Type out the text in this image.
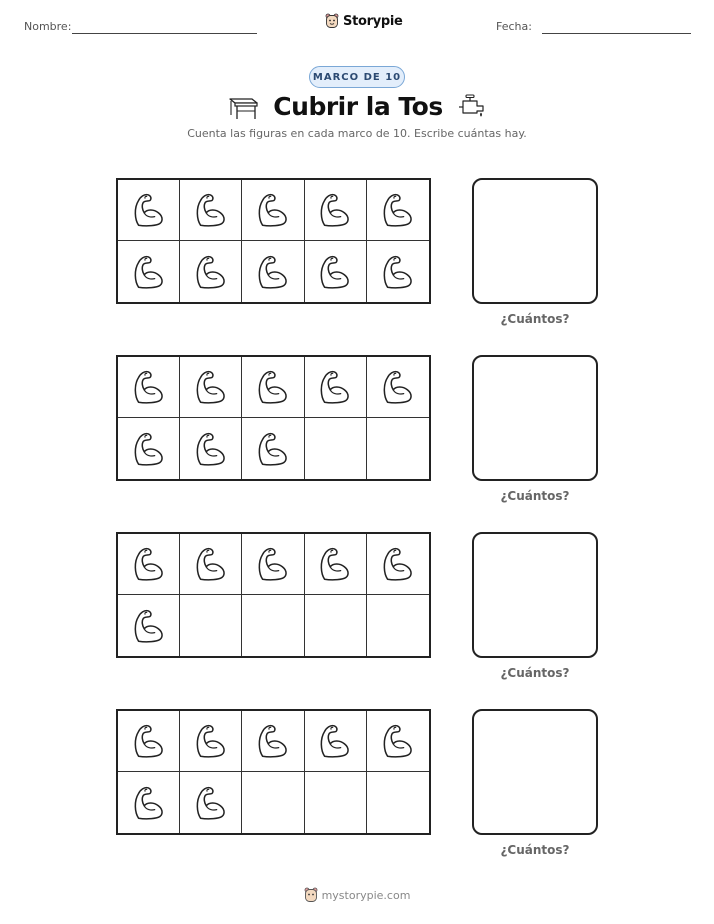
Nombre:	Storypie	Fecha:
MARCO DE 10
Cubrir la Tos
Cuenta las figuras en cada marco de 10. Escribe cuántas hay.
¿Cuántos?
¿Cuántos?
¿Cuántos?
¿Cuántos?
mystorypie.com
